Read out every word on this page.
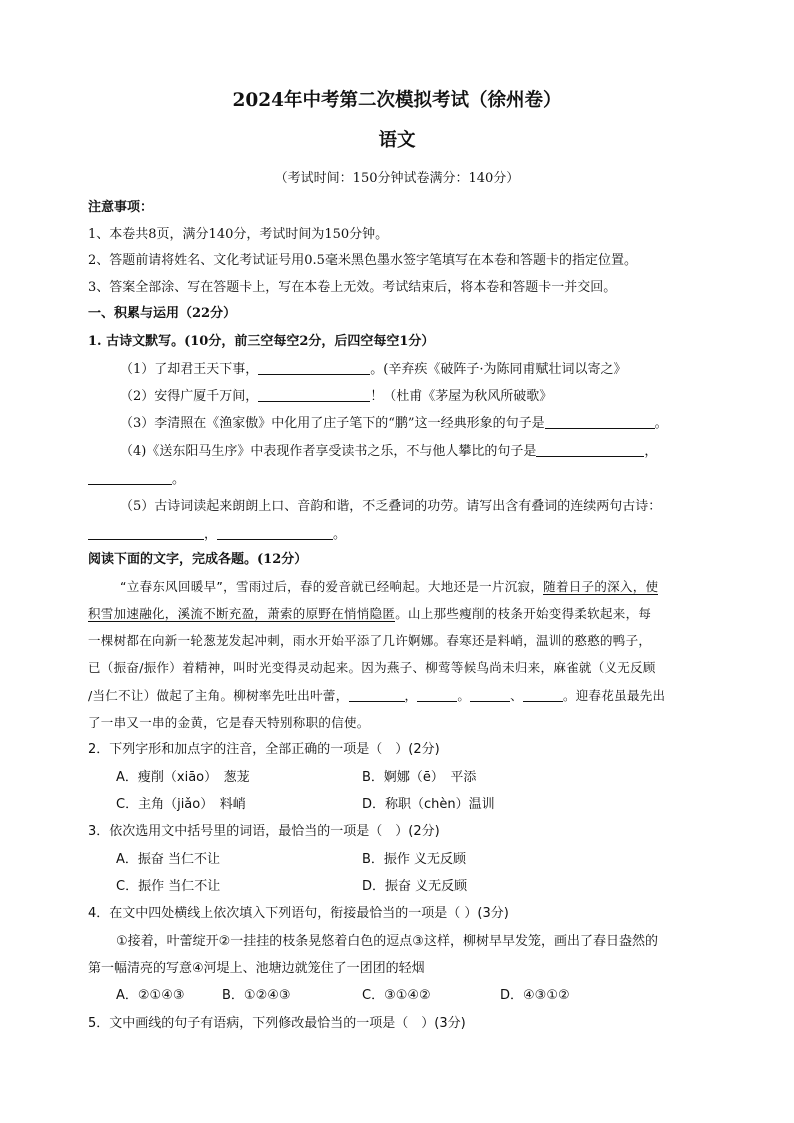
2024年中考第二次模拟考试（徐州卷）
语文
（考试时间：150分钟试卷满分：140分）
注意事项：
1、本卷共8页，满分140分，考试时间为150分钟。
2、答题前请将姓名、文化考试证号用0.5毫米黑色墨水签字笔填写在本卷和答题卡的指定位置。
3、答案全部涂、写在答题卡上，写在本卷上无效。考试结束后，将本卷和答题卡一并交回。
一、积累与运用（22分）
1. 古诗文默写。(10分，前三空每空2分，后四空每空1分）
（1）了却君王天下事，	。(辛弃疾《破阵子·为陈同甫赋壮词以寄之》
（2）安得广厦千万间，	！（杜甫《茅屋为秋风所破歌》
（3）李清照在《渔家傲》中化用了庄子笔下的“鹏”这一经典形象的句子是	。
（4)《送东阳马生序》中表现作者享受读书之乐，不与他人攀比的句子是	，
。
（5）古诗词读起来朗朗上口、音韵和谐，不乏叠词的功劳。请写出含有叠词的连续两句古诗：
，	。
阅读下面的文字，完成各题。(12分）
“立春东风回暖早”，雪雨过后，春的爱音就已经响起。大地还是一片沉寂，随着日子的深入，使
积雪加速融化，溪流不断充盈，萧索的原野在悄悄隐匿。山上那些瘦削的枝条开始变得柔软起来，每
一棵树都在向新一轮葱茏发起冲刺，雨水开始平添了几许婀娜。春寒还是料峭，温训的憨憨的鸭子，
已（振奋/振作）着精神，叫时光变得灵动起来。因为燕子、柳莺等候鸟尚未归来，麻雀就（义无反顾
/当仁不让）做起了主角。柳树率先吐出叶蕾，	，	。	、	。迎春花虽最先出
了一串又一串的金黄，它是春天特别称职的信使。
2．下列字形和加点字的注音，全部正确的一项是（　）(2分)
A．瘦削（xiāo）　葱茏	B．婀娜（ē）　平添
C．主角（jiǎo）　料峭	D．称职（chèn）温训
3．依次选用文中括号里的词语，最恰当的一项是（　）(2分)
A．振奋 当仁不让	B．振作 义无反顾
C．振作 当仁不让	D．振奋 义无反顾
4．在文中四处横线上依次填入下列语句，衔接最恰当的一项是（ ）(3分)
①接着，叶蕾绽开②一挂挂的枝条晃悠着白色的逗点③这样，柳树早早发笼，画出了春日盎然的
第一幅清亮的写意④河堤上、池塘边就笼住了一团团的轻烟
A．②①④③	B．①②④③	C．③①④②	D．④③①②
5．文中画线的句子有语病，下列修改最恰当的一项是（　）(3分)
